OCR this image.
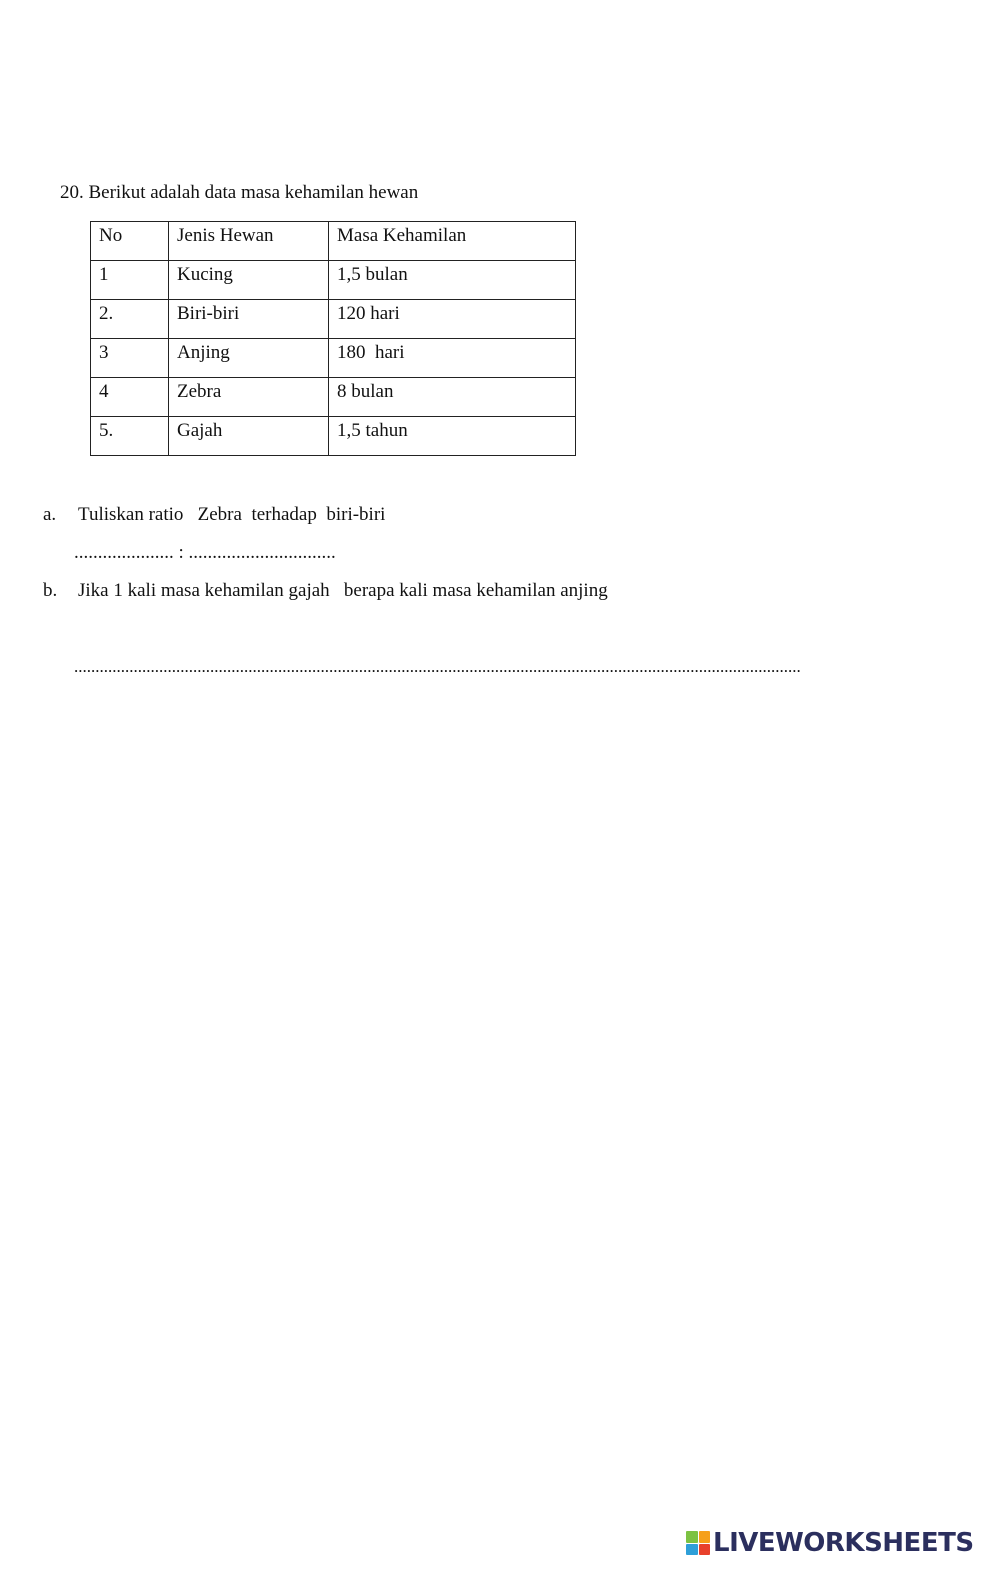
20. Berikut adalah data masa kehamilan hewan
No	Jenis Hewan	Masa Kehamilan
1	Kucing	1,5 bulan
2.	Biri-biri	120 hari
3	Anjing	180  hari
4	Zebra	8 bulan
5.	Gajah	1,5 tahun
a. Tuliskan ratio   Zebra  terhadap  biri-biri
..................... : ...............................
b. Jika 1 kali masa kehamilan gajah   berapa kali masa kehamilan anjing
...........................................................................................................................................................................
LIVEWORKSHEETS
